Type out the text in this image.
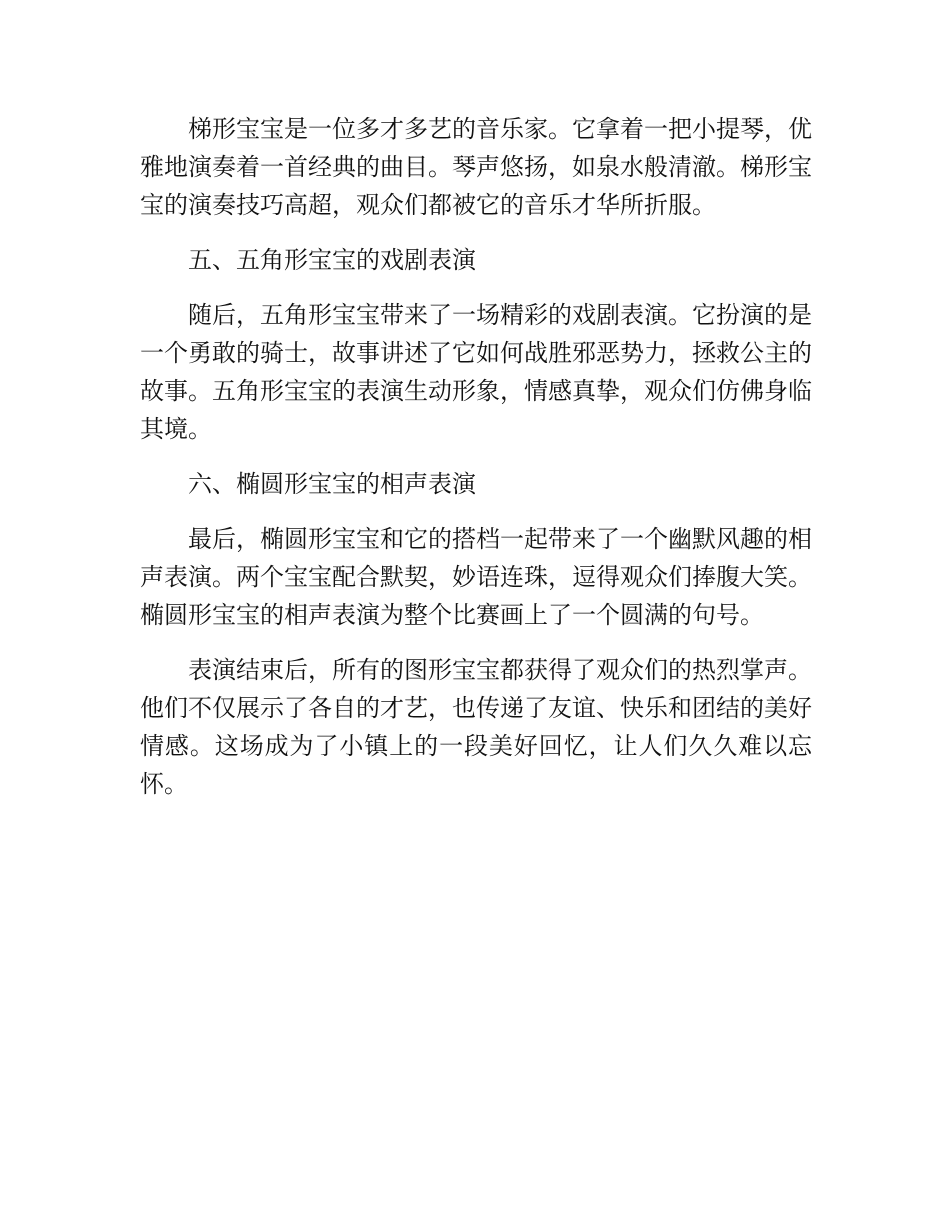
梯形宝宝是一位多才多艺的音乐家。它拿着一把小提琴，优雅地演奏着一首经典的曲目。琴声悠扬，如泉水般清澈。梯形宝宝的演奏技巧高超，观众们都被它的音乐才华所折服。

五、五角形宝宝的戏剧表演

随后，五角形宝宝带来了一场精彩的戏剧表演。它扮演的是一个勇敢的骑士，故事讲述了它如何战胜邪恶势力，拯救公主的故事。五角形宝宝的表演生动形象，情感真挚，观众们仿佛身临其境。

六、椭圆形宝宝的相声表演

最后，椭圆形宝宝和它的搭档一起带来了一个幽默风趣的相声表演。两个宝宝配合默契，妙语连珠，逗得观众们捧腹大笑。椭圆形宝宝的相声表演为整个比赛画上了一个圆满的句号。

表演结束后，所有的图形宝宝都获得了观众们的热烈掌声。他们不仅展示了各自的才艺，也传递了友谊、快乐和团结的美好情感。这场成为了小镇上的一段美好回忆，让人们久久难以忘怀。
